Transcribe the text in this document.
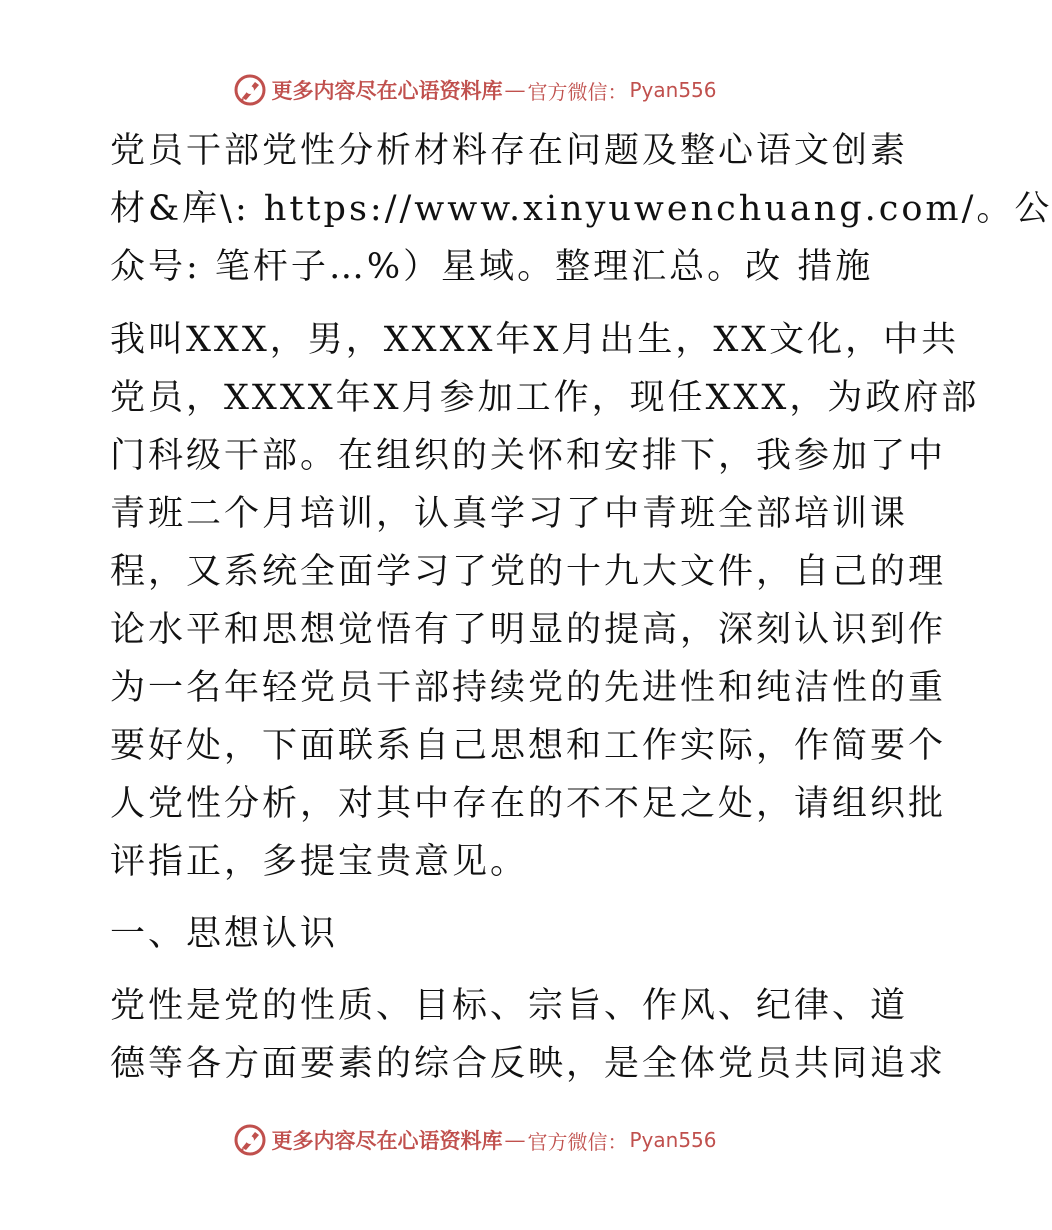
更多内容尽在心语资料库 — 官方微信： Pyan556

党员干部党性分析材料存在问题及整心语文创素
材&库\: https://www.xinyuwenchuang.com/。公
众号: 笔杆子…%）星域。整理汇总。改 措施

我叫XXX，男，XXXX年X月出生，XX文化，中共
党员，XXXX年X月参加工作，现任XXX，为政府部
门科级干部。在组织的关怀和安排下，我参加了中
青班二个月培训，认真学习了中青班全部培训课
程，又系统全面学习了党的十九大文件，自己的理
论水平和思想觉悟有了明显的提高，深刻认识到作
为一名年轻党员干部持续党的先进性和纯洁性的重
要好处，下面联系自己思想和工作实际，作简要个
人党性分析，对其中存在的不不足之处，请组织批
评指正，多提宝贵意见。

一、思想认识

党性是党的性质、目标、宗旨、作风、纪律、道
德等各方面要素的综合反映，是全体党员共同追求

更多内容尽在心语资料库 — 官方微信： Pyan556
